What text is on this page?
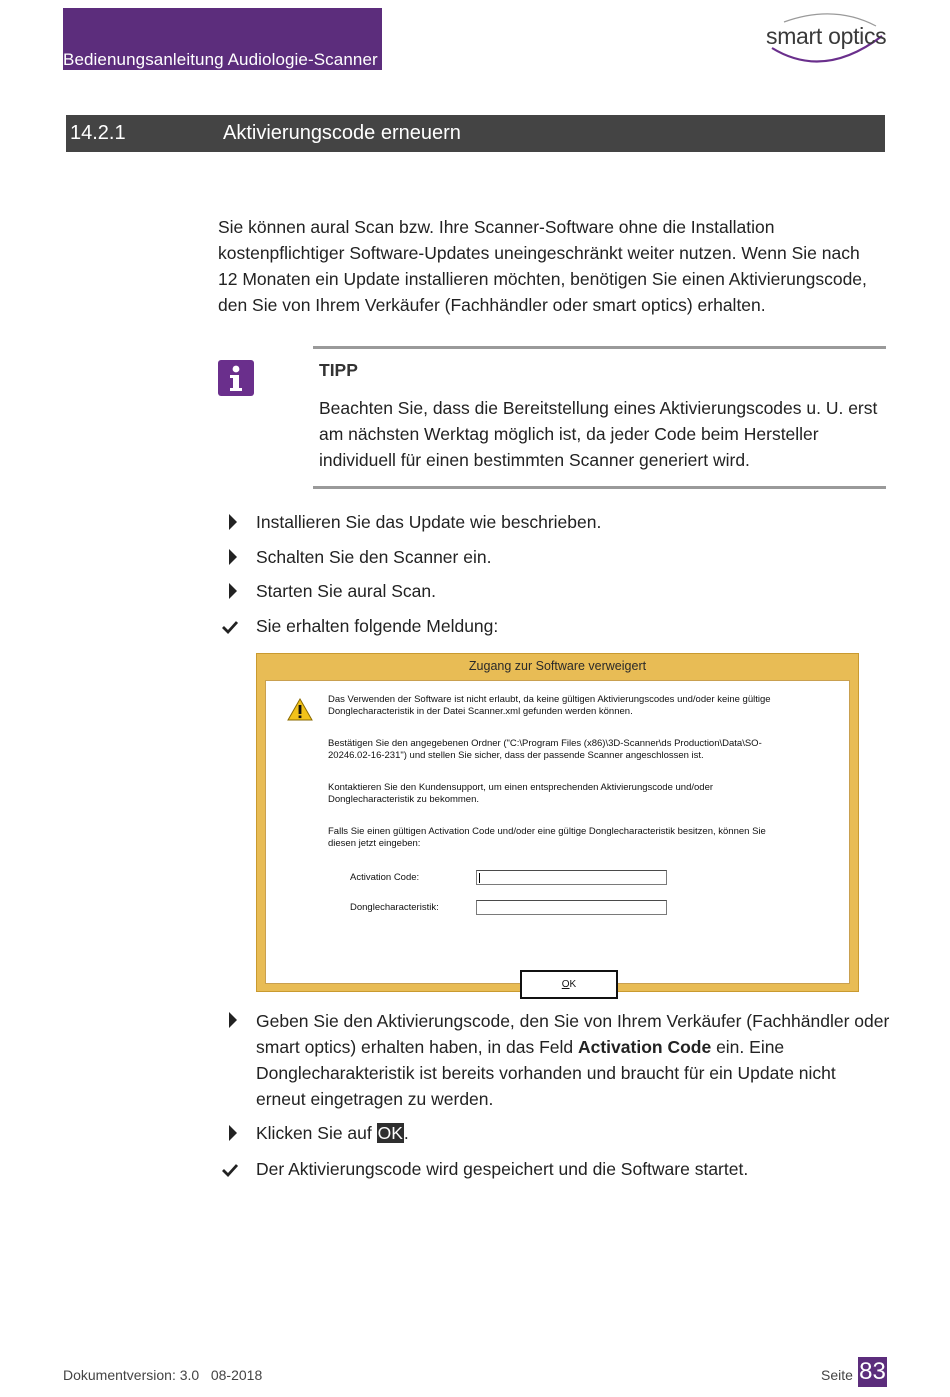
Bedienungsanleitung Audiologie-Scanner
smart optics
14.2.1	Aktivierungscode erneuern
Sie können aural Scan bzw. Ihre Scanner-Software ohne die Installation
kostenpflichtiger Software-Updates uneingeschränkt weiter nutzen. Wenn Sie nach
12 Monaten ein Update installieren möchten, benötigen Sie einen Aktivierungscode,
den Sie von Ihrem Verkäufer (Fachhändler oder smart optics) erhalten.
TIPP
Beachten Sie, dass die Bereitstellung eines Aktivierungscodes u. U. erst
am nächsten Werktag möglich ist, da jeder Code beim Hersteller
individuell für einen bestimmten Scanner generiert wird.
Installieren Sie das Update wie beschrieben.
Schalten Sie den Scanner ein.
Starten Sie aural Scan.
Sie erhalten folgende Meldung:
Zugang zur Software verweigert
Das Verwenden der Software ist nicht erlaubt, da keine gültigen Aktivierungscodes und/oder keine gültige
Donglecharacteristik in der Datei Scanner.xml gefunden werden können.
Bestätigen Sie den angegebenen Ordner ("C:\Program Files (x86)\3D-Scanner\ds Production\Data\SO-
20246.02-16-231") und stellen Sie sicher, dass der passende Scanner angeschlossen ist.
Kontaktieren Sie den Kundensupport, um einen entsprechenden Aktivierungscode und/oder
Donglecharacteristik zu bekommen.
Falls Sie einen gültigen Activation Code und/oder eine gültige Donglecharacteristik besitzen, können Sie
diesen jetzt eingeben:
Activation Code:
Donglecharacteristik:
OK
Geben Sie den Aktivierungscode, den Sie von Ihrem Verkäufer (Fachhändler oder
smart optics) erhalten haben, in das Feld Activation Code ein. Eine
Donglecharakteristik ist bereits vorhanden und braucht für ein Update nicht
erneut eingetragen zu werden.
Klicken Sie auf OK.
Der Aktivierungscode wird gespeichert und die Software startet.
Dokumentversion: 3.0 08-2018	Seite 83
